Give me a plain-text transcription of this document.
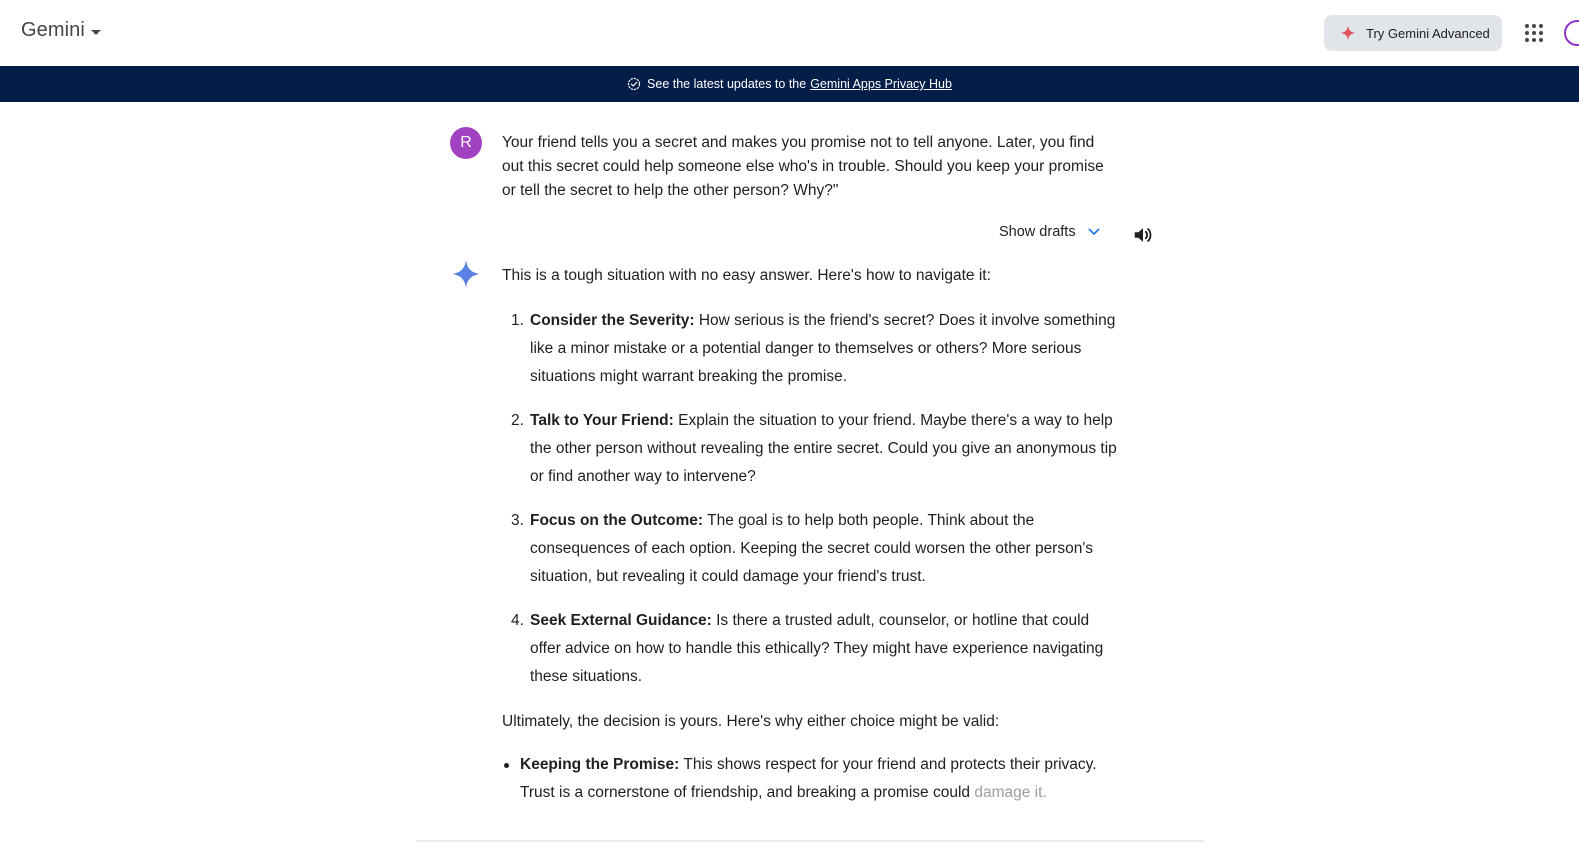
Gemini	Try Gemini Advanced
See the latest updates to the Gemini Apps Privacy Hub
R Your friend tells you a secret and makes you promise not to tell anyone. Later, you find out this secret could help someone else who's in trouble. Should you keep your promise or tell the secret to help the other person? Why?"
Show drafts

This is a tough situation with no easy answer. Here's how to navigate it:

1. Consider the Severity: How serious is the friend's secret? Does it involve something like a minor mistake or a potential danger to themselves or others? More serious situations might warrant breaking the promise.
2. Talk to Your Friend: Explain the situation to your friend. Maybe there's a way to help the other person without revealing the entire secret. Could you give an anonymous tip or find another way to intervene?
3. Focus on the Outcome: The goal is to help both people. Think about the consequences of each option. Keeping the secret could worsen the other person's situation, but revealing it could damage your friend's trust.
4. Seek External Guidance: Is there a trusted adult, counselor, or hotline that could offer advice on how to handle this ethically? They might have experience navigating these situations.

Ultimately, the decision is yours. Here's why either choice might be valid:

Keeping the Promise: This shows respect for your friend and protects their privacy. Trust is a cornerstone of friendship, and breaking a promise could damage it.
